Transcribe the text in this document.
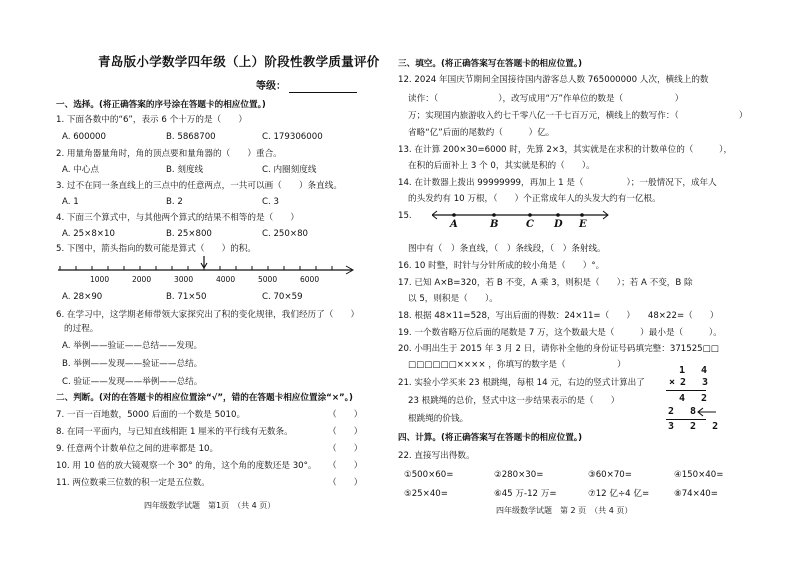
青岛版小学数学四年级（上）阶段性教学质量评价
等级：
一、选择。(将正确答案的序号涂在答题卡的相应位置。)
1. 下面各数中的“6”，表示 6 个十万的是（　　）
A. 600000	B. 5868700	C. 179306000
2. 用量角器量角时，角的顶点要和量角器的（　　）重合。
A. 中心点	B. 刻度线	C. 内圈刻度线
3. 过不在同一条直线上的三点中的任意两点，一共可以画（　　）条直线。
A. 1	B. 2	C. 3
4. 下面三个算式中，与其他两个算式的结果不相等的是（　　）
A. 25×8×10	B. 25×800	C. 250×80
5. 下图中，箭头指向的数可能是算式（　　）的积。
1000	2000	3000	4000	5000	6000
A. 28×90	B. 71×50	C. 70×59
6. 在学习中，这学期老师带领大家探究出了积的变化规律，我们经历了（　　）
的过程。
A. 举例——验证——总结——发现。
B. 举例——发现——验证——总结。
C. 验证——发现——举例——总结。
二、判断。(对的在答题卡的相应位置涂“√”，错的在答题卡相应位置涂“×”。)
7. 一百一百地数，5000 后面的一个数是 5010。	（　　）
8. 在同一平面内，与已知直线相距 1 厘米的平行线有无数条。	（　　）
9. 任意两个计数单位之间的进率都是 10。	（　　）
10. 用 10 倍的放大镜观察一个 30° 的角，这个角的度数还是 30°。 （　　）
11. 两位数乘三位数的积一定是五位数。	（　　）
四年级数学试题　第1页　（共 4 页）
三、填空。(将正确答案写在答题卡的相应位置。)
12. 2024 年国庆节期间全国接待国内游客总人数 765000000 人次，横线上的数
读作：（　　　　　　　），改写成用“万”作单位的数是（　　　　　　）
万；实现国内旅游收入约七千零八亿一千七百万元，横线上的数写作：（　　　　　　　）
省略“亿”后面的尾数约（　　　）亿。
13. 在计算 200×30=6000 时，先算 2×3，其实就是在求积的计数单位的（　　　），
在积的后面补上 3 个 0，其实就是积的（　　）。
14. 在计数器上拨出 99999999，再加上 1 是（　　　　　）；一般情况下，成年人
的头发约有 10 万根，（　　）个正常成年人的头发大约有一亿根。
15.
A	B	C D E
图中有（　）条直线，（　）条线段，（　）条射线。
16. 10 时整，时针与分针所成的较小角是（　　）°。
17. 已知 A×B=320，若 B 不变，A 乘 3，则积是（　　）；若 A 不变，B 除
以 5，则积是（　　）。
18. 根据 48×11=528，写出后面的得数：24×11=（　　）　　48×22=（　　）
19. 一个数省略万位后面的尾数是 7 万，这个数最大是（　　　）最小是（　　　）。
20. 小明出生于 2015 年 3 月 2 日，请你补全他的身份证号码填完整：371525□□
□□□□□□×××× ，你填写的数字是（　　　　　　）
21. 实验小学买来 23 根跳绳，每根 14 元，右边的竖式计算出了
23 根跳绳的总价，竖式中这一步结果表示的是（　　）
根跳绳的价钱。
1 4
×2 3
4 2
2 8
3 2 2
四、计算。(将正确答案写在答题卡的相应位置。)
22. 直接写出得数。
①500×60=	②280×30=	③60×70=	④150×40=
⑤25×40=	⑥45 万-12 万=	⑦12 亿÷4 亿=	⑧74×40=
四年级数学试题　第 2 页　（共 4 页）
